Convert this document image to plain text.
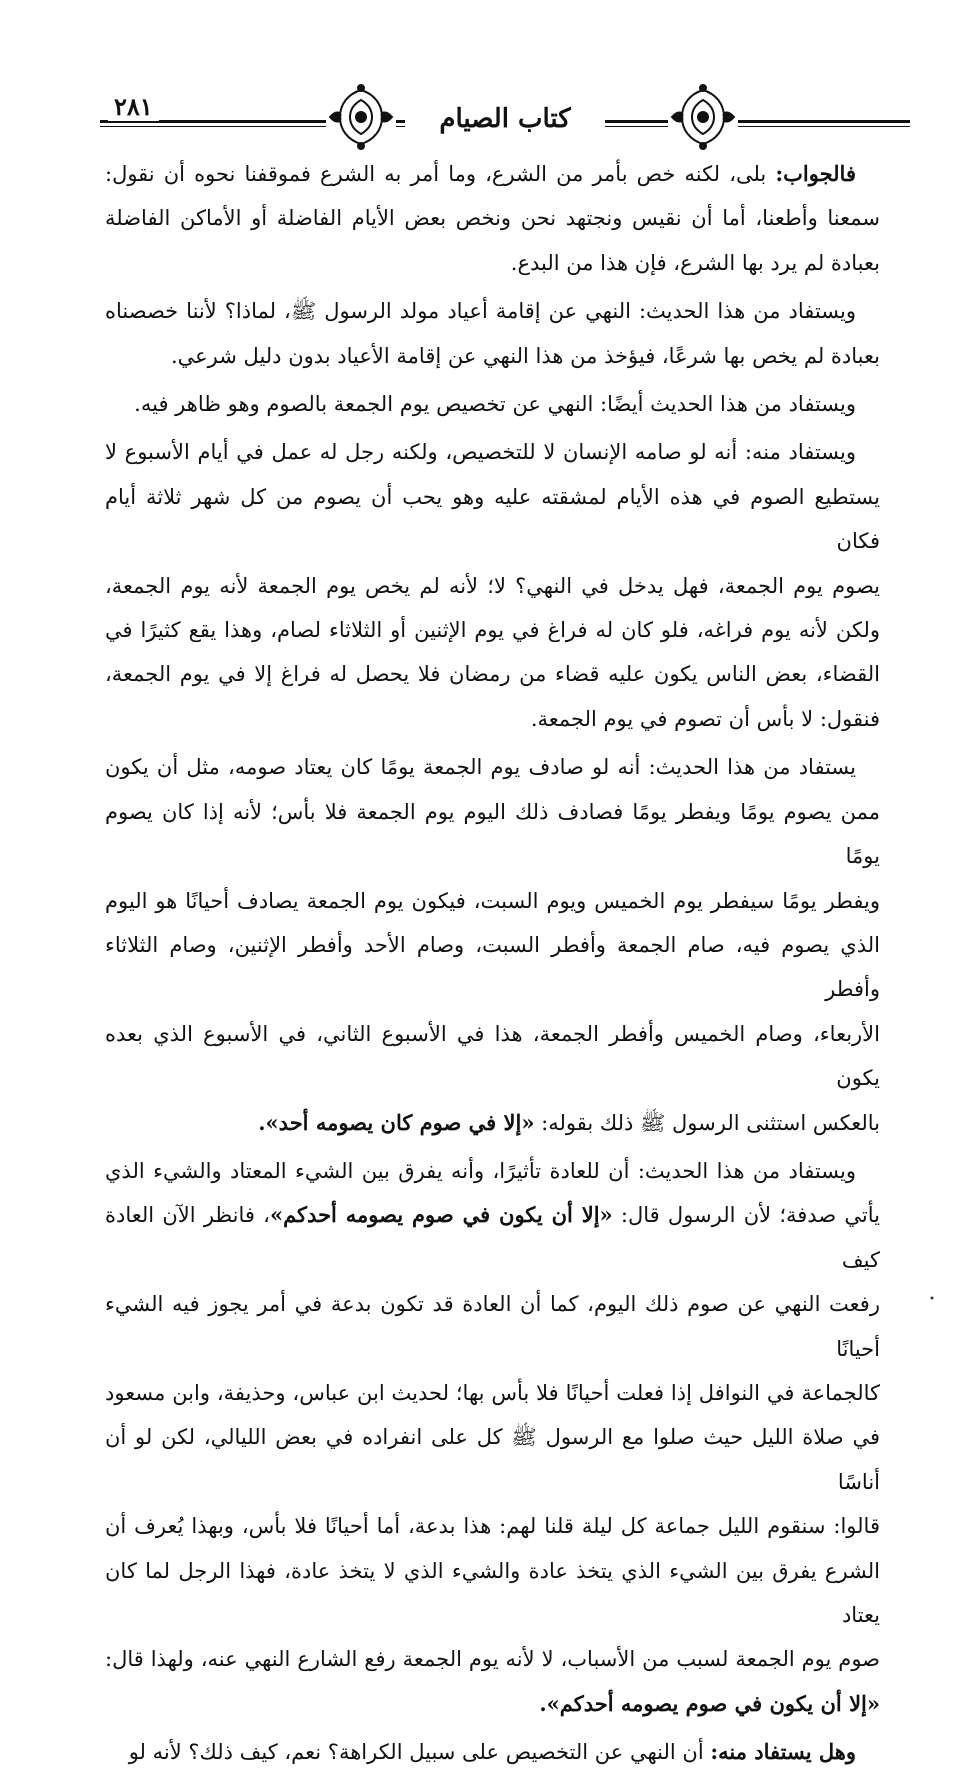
كتاب الصيام
٢٨١

فالجواب: بلى، لكنه خص بأمر من الشرع، وما أمر به الشرع فموقفنا نحوه أن نقول:
سمعنا وأطعنا، أما أن نقيس ونجتهد نحن ونخص بعض الأيام الفاضلة أو الأماكن الفاضلة
بعبادة لم يرد بها الشرع، فإن هذا من البدع.

ويستفاد من هذا الحديث: النهي عن إقامة أعياد مولد الرسول ﷺ، لماذا؟ لأننا خصصناه
بعبادة لم يخص بها شرعًا، فيؤخذ من هذا النهي عن إقامة الأعياد بدون دليل شرعي.

ويستفاد من هذا الحديث أيضًا: النهي عن تخصيص يوم الجمعة بالصوم وهو ظاهر فيه.

ويستفاد منه: أنه لو صامه الإنسان لا للتخصيص، ولكنه رجل له عمل في أيام الأسبوع لا
يستطيع الصوم في هذه الأيام لمشقته عليه وهو يحب أن يصوم من كل شهر ثلاثة أيام فكان
يصوم يوم الجمعة، فهل يدخل في النهي؟ لا؛ لأنه لم يخص يوم الجمعة لأنه يوم الجمعة،
ولكن لأنه يوم فراغه، فلو كان له فراغ في يوم الإثنين أو الثلاثاء لصام، وهذا يقع كثيرًا في
القضاء، بعض الناس يكون عليه قضاء من رمضان فلا يحصل له فراغ إلا في يوم الجمعة،
فنقول: لا بأس أن تصوم في يوم الجمعة.

يستفاد من هذا الحديث: أنه لو صادف يوم الجمعة يومًا كان يعتاد صومه، مثل أن يكون
ممن يصوم يومًا ويفطر يومًا فصادف ذلك اليوم يوم الجمعة فلا بأس؛ لأنه إذا كان يصوم يومًا
ويفطر يومًا سيفطر يوم الخميس ويوم السبت، فيكون يوم الجمعة يصادف أحيانًا هو اليوم
الذي يصوم فيه، صام الجمعة وأفطر السبت، وصام الأحد وأفطر الإثنين، وصام الثلاثاء وأفطر
الأربعاء، وصام الخميس وأفطر الجمعة، هذا في الأسبوع الثاني، في الأسبوع الذي بعده يكون
بالعكس استثنى الرسول ﷺ ذلك بقوله: «إلا في صوم كان يصومه أحد».

ويستفاد من هذا الحديث: أن للعادة تأثيرًا، وأنه يفرق بين الشيء المعتاد والشيء الذي
يأتي صدفة؛ لأن الرسول قال: «إلا أن يكون في صوم يصومه أحدكم»، فانظر الآن العادة كيف
رفعت النهي عن صوم ذلك اليوم، كما أن العادة قد تكون بدعة في أمر يجوز فيه الشيء أحيانًا
كالجماعة في النوافل إذا فعلت أحيانًا فلا بأس بها؛ لحديث ابن عباس، وحذيفة، وابن مسعود
في صلاة الليل حيث صلوا مع الرسول ﷺ كل على انفراده في بعض الليالي، لكن لو أن أناسًا
قالوا: سنقوم الليل جماعة كل ليلة قلنا لهم: هذا بدعة، أما أحيانًا فلا بأس، وبهذا يُعرف أن
الشرع يفرق بين الشيء الذي يتخذ عادة والشيء الذي لا يتخذ عادة، فهذا الرجل لما كان يعتاد
صوم يوم الجمعة لسبب من الأسباب، لا لأنه يوم الجمعة رفع الشارع النهي عنه، ولهذا قال:
«إلا أن يكون في صوم يصومه أحدكم».

وهل يستفاد منه: أن النهي عن التخصيص على سبيل الكراهة؟ نعم، كيف ذلك؟ لأنه لو
